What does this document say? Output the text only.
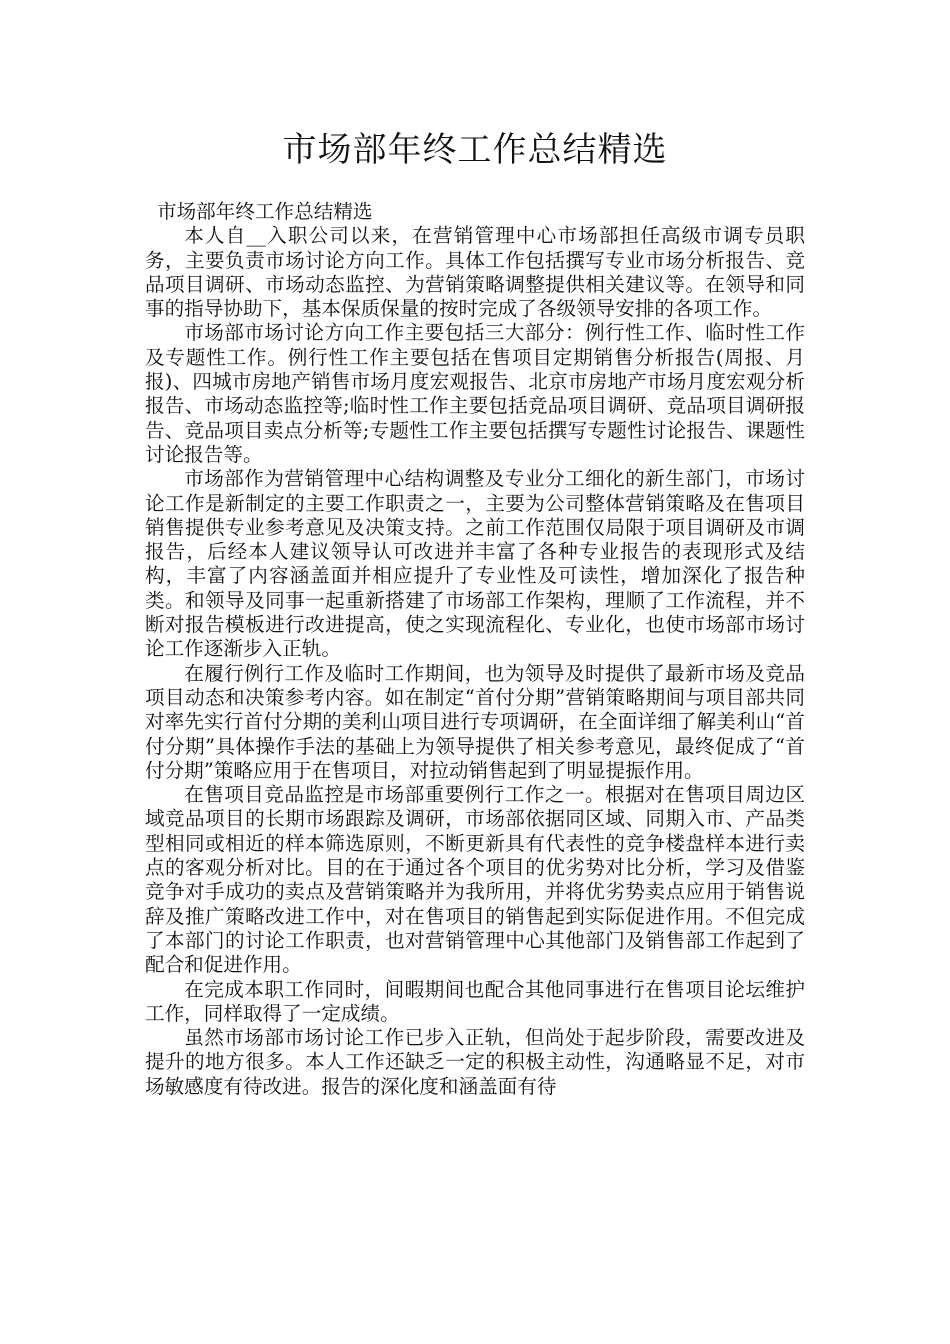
市场部年终工作总结精选

市场部年终工作总结精选

本人自__入职公司以来，在营销管理中心市场部担任高级市调专员职务，主要负责市场讨论方向工作。具体工作包括撰写专业市场分析报告、竞品项目调研、市场动态监控、为营销策略调整提供相关建议等。在领导和同事的指导协助下，基本保质保量的按时完成了各级领导安排的各项工作。

市场部市场讨论方向工作主要包括三大部分：例行性工作、临时性工作及专题性工作。例行性工作主要包括在售项目定期销售分析报告(周报、月报)、四城市房地产销售市场月度宏观报告、北京市房地产市场月度宏观分析报告、市场动态监控等;临时性工作主要包括竞品项目调研、竞品项目调研报告、竞品项目卖点分析等;专题性工作主要包括撰写专题性讨论报告、课题性讨论报告等。

市场部作为营销管理中心结构调整及专业分工细化的新生部门，市场讨论工作是新制定的主要工作职责之一，主要为公司整体营销策略及在售项目销售提供专业参考意见及决策支持。之前工作范围仅局限于项目调研及市调报告，后经本人建议领导认可改进并丰富了各种专业报告的表现形式及结构，丰富了内容涵盖面并相应提升了专业性及可读性，增加深化了报告种类。和领导及同事一起重新搭建了市场部工作架构，理顺了工作流程，并不断对报告模板进行改进提高，使之实现流程化、专业化，也使市场部市场讨论工作逐渐步入正轨。

在履行例行工作及临时工作期间，也为领导及时提供了最新市场及竞品项目动态和决策参考内容。如在制定“首付分期”营销策略期间与项目部共同对率先实行首付分期的美利山项目进行专项调研，在全面详细了解美利山“首付分期”具体操作手法的基础上为领导提供了相关参考意见，最终促成了“首付分期”策略应用于在售项目，对拉动销售起到了明显提振作用。

在售项目竞品监控是市场部重要例行工作之一。根据对在售项目周边区域竞品项目的长期市场跟踪及调研，市场部依据同区域、同期入市、产品类型相同或相近的样本筛选原则，不断更新具有代表性的竞争楼盘样本进行卖点的客观分析对比。目的在于通过各个项目的优劣势对比分析，学习及借鉴竞争对手成功的卖点及营销策略并为我所用，并将优劣势卖点应用于销售说辞及推广策略改进工作中，对在售项目的销售起到实际促进作用。不但完成了本部门的讨论工作职责，也对营销管理中心其他部门及销售部工作起到了配合和促进作用。

在完成本职工作同时，间暇期间也配合其他同事进行在售项目论坛维护工作，同样取得了一定成绩。

虽然市场部市场讨论工作已步入正轨，但尚处于起步阶段，需要改进及提升的地方很多。本人工作还缺乏一定的积极主动性，沟通略显不足，对市场敏感度有待改进。报告的深化度和涵盖面有待
